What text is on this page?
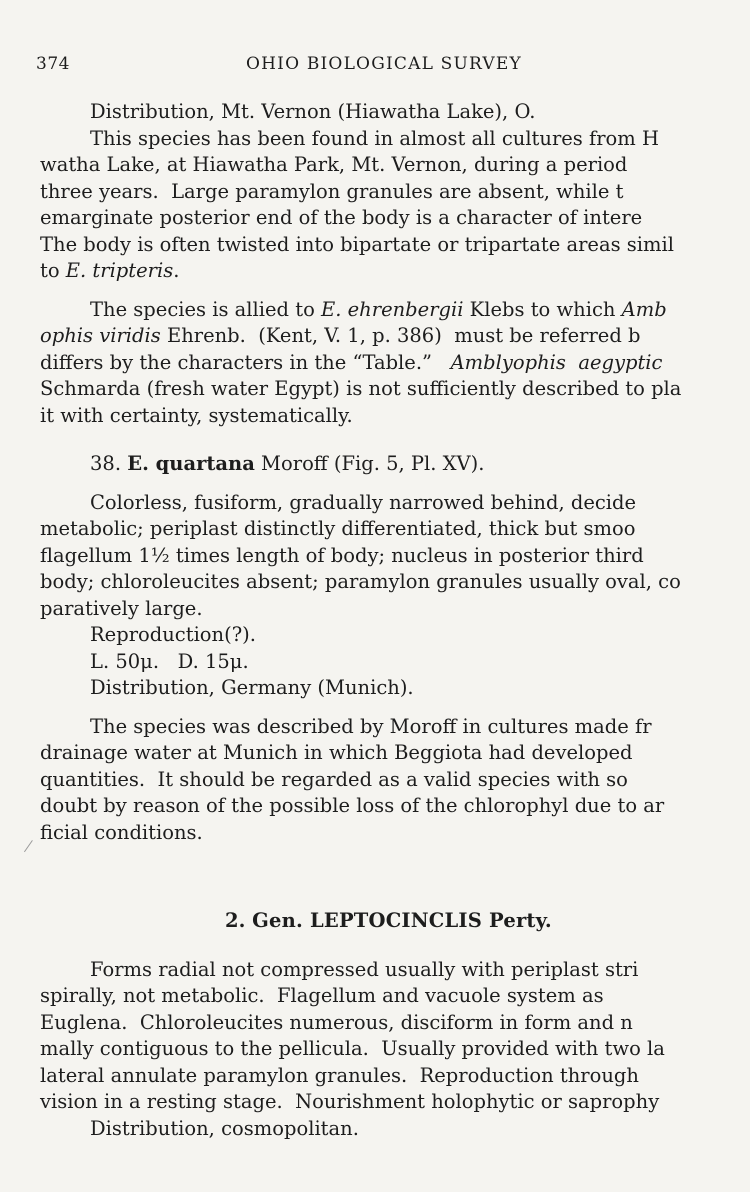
374	OHIO BIOLOGICAL SURVEY
Distribution, Mt. Vernon (Hiawatha Lake), O.
This species has been found in almost all cultures from H
watha Lake, at Hiawatha Park, Mt. Vernon, during a period
three years.  Large paramylon granules are absent, while t
emarginate posterior end of the body is a character of intere
The body is often twisted into bipartate or tripartate areas simil
to E. tripteris.
The species is allied to E. ehrenbergii Klebs to which Amb
ophis viridis Ehrenb.  (Kent, V. 1, p. 386)  must be referred b
differs by the characters in the “Table.”   Amblyophis  aegyptic
Schmarda (fresh water Egypt) is not sufficiently described to pla
it with certainty, systematically.
38. E. quartana Moroff (Fig. 5, Pl. XV).
Colorless, fusiform, gradually narrowed behind, decide
metabolic; periplast distinctly differentiated, thick but smoo
flagellum 1½ times length of body; nucleus in posterior third
body; chloroleucites absent; paramylon granules usually oval, co
paratively large.
Reproduction(?).
L. 50μ.   D. 15μ.
Distribution, Germany (Munich).
The species was described by Moroff in cultures made fr
drainage water at Munich in which Beggiota had developed
quantities.  It should be regarded as a valid species with so
doubt by reason of the possible loss of the chlorophyl due to ar
ficial conditions.
2. Gen. LEPTOCINCLIS Perty.
Forms radial not compressed usually with periplast stri
spirally, not metabolic.  Flagellum and vacuole system as
Euglena.  Chloroleucites numerous, disciform in form and n
mally contiguous to the pellicula.  Usually provided with two la
lateral annulate paramylon granules.  Reproduction through
vision in a resting stage.  Nourishment holophytic or saprophy
Distribution, cosmopolitan.
